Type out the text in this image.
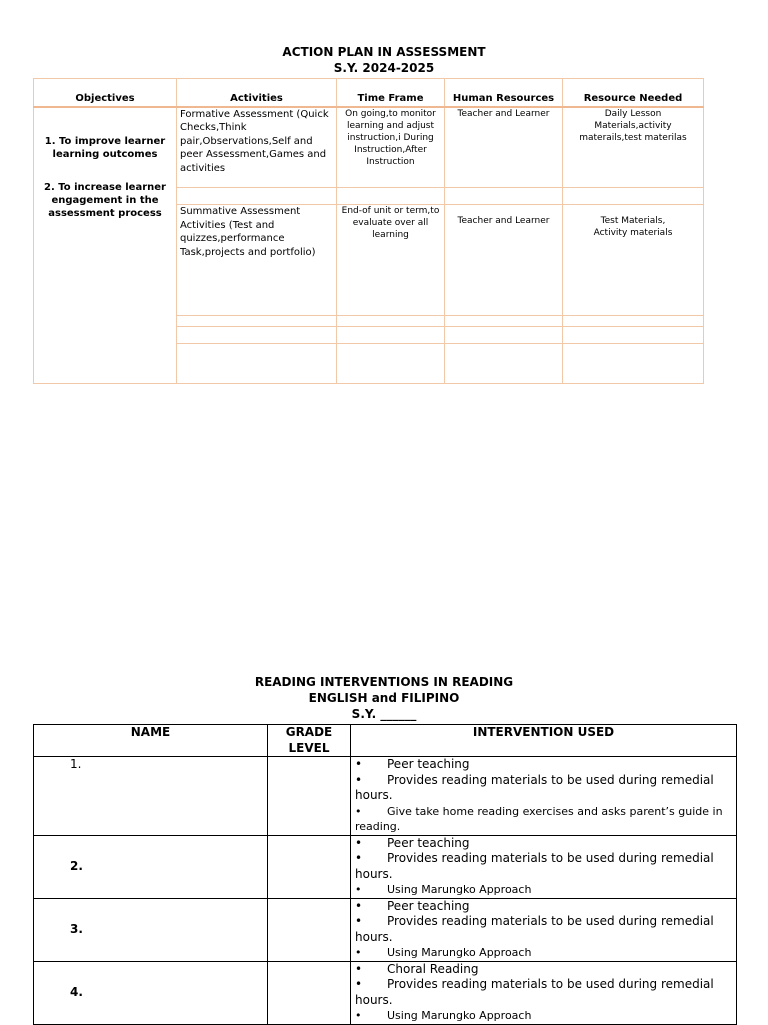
ACTION PLAN IN ASSESSMENT
S.Y. 2024-2025
Objectives	Activities	Time Frame	Human Resources	Resource Needed

1. To improve learner learning outcomes
2. To increase learner engagement in the assessment process	Formative Assessment (Quick Checks,Think pair,Observations,Self and peer Assessment,Games and activities	On going,to monitor learning and adjust instruction,i During Instruction,After Instruction	Teacher and Learner	Daily Lesson Materials,activity materails,test materilas

	Summative Assessment Activities (Test and quizzes,performance Task,projects and portfolio)	End-of unit or term,to evaluate over all learning	Teacher and Learner	Test Materials, Activity materials

READING INTERVENTIONS IN READING
ENGLISH and FILIPINO
S.Y. ______
NAME	GRADE LEVEL	INTERVENTION USED
1.		• Peer teaching
• Provides reading materials to be used during remedial hours.
• Give take home reading exercises and asks parent’s guide in reading.

2.		• Peer teaching
• Provides reading materials to be used during remedial hours.
• Using Marungko Approach

3.		• Peer teaching
• Provides reading materials to be used during remedial hours.
• Using Marungko Approach

4.		• Choral Reading
• Provides reading materials to be used during remedial hours.
• Using Marungko Approach
